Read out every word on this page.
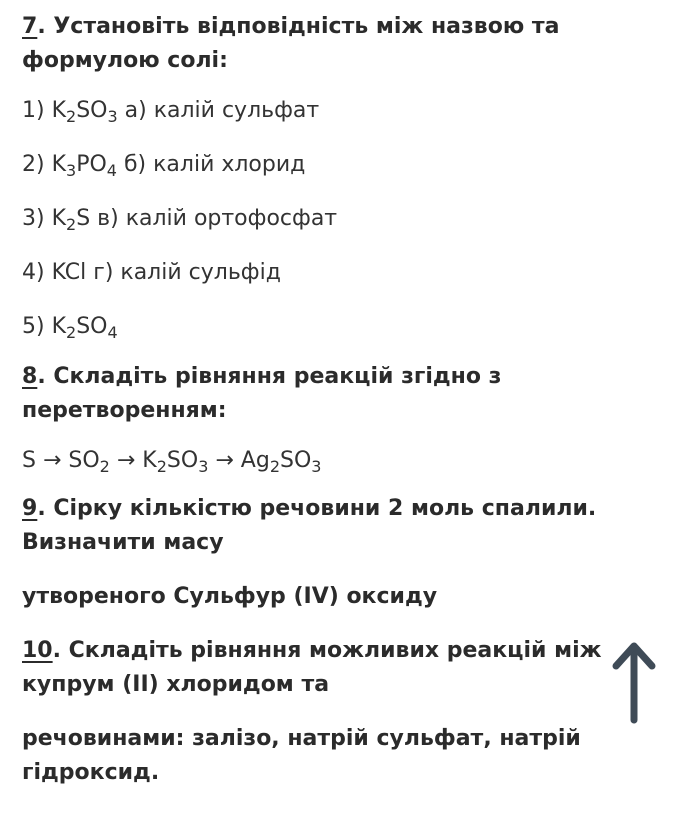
7. Установіть відповідність між назвою та
формулою солі:

1) $K_2SO_3$ а) калій сульфат

2) $K_3PO_4$ б) калій хлорид

3) $K_2S$ в) калій ортофосфат

4) KCl г) калій сульфід

5) $K_2SO_4$

8. Складіть рівняння реакцій згідно з
перетворенням:

$S \to SO_2 \to K_2SO_3 \to Ag_2SO_3$

9. Сірку кількістю речовини 2 моль спалили.
Визначити масу

утвореного Сульфур (IV) оксиду

10. Складіть рівняння можливих реакцій між
купрум (II) хлоридом та

речовинами: залізо, натрій сульфат, натрій
гідроксид.
